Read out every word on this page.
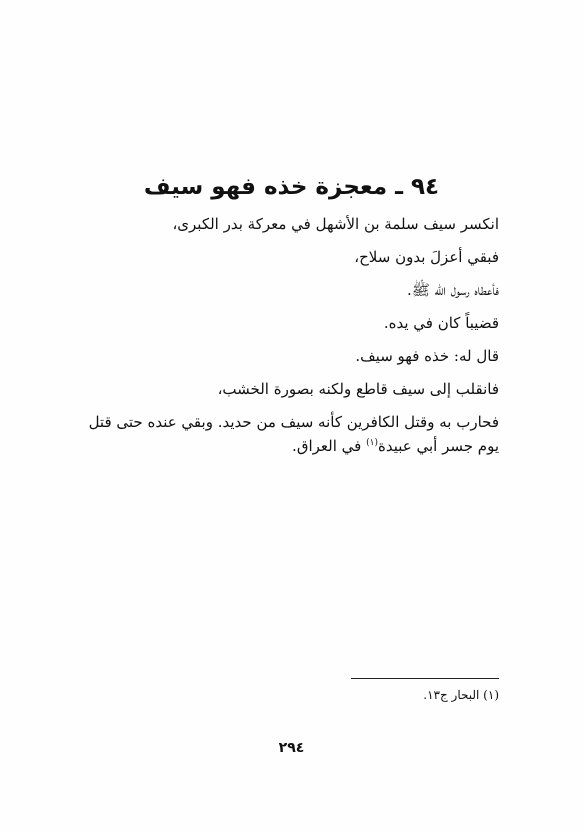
٩٤ ـ معجزة خذه فهو سيف
انكسر سيف سلمة بن الأشهل في معركة بدر الكبرى،
فبقي أعزلَ بدون سلاح،
فأعطاه رسول الله ﷺ.
قضيباً كان في يده.
قال له: خذه فهو سيف.
فانقلب إلى سيف قاطع ولكنه بصورة الخشب،
فحارب به وقتل الكافرين كأنه سيف من حديد. وبقي عنده حتى قتل يوم جسر أبي عبيدة$^{(١)}$ في العراق.
(١) البحار ج١٣.
٢٩٤
